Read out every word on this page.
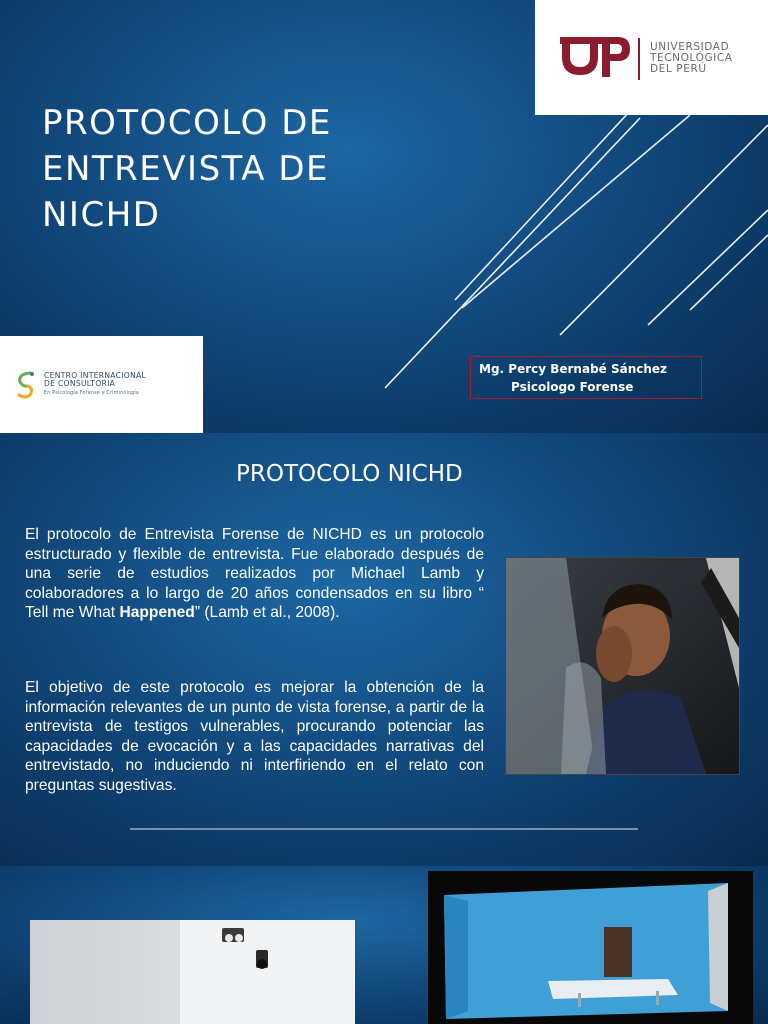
PROTOCOLO DE
ENTREVISTA DE
NICHD
UNIVERSIDAD
TECNOLÓGICA
DEL PERÚ
CENTRO INTERNACIONAL
DE CONSULTORIA
En Psicología Forense y Criminología
Mg. Percy Bernabé Sánchez
Psicologo Forense
PROTOCOLO NICHD

El protocolo de Entrevista Forense de NICHD es un protocolo estructurado y flexible de entrevista. Fue elaborado después de una serie de estudios realizados por Michael Lamb y colaboradores a lo largo de 20 años condensados en su libro “ Tell me What Happened” (Lamb et al., 2008).

El objetivo de este protocolo es mejorar la obtención de la información relevantes de un punto de vista forense, a partir de la entrevista de testigos vulnerables, procurando potenciar las capacidades de evocación y a las capacidades narrativas del entrevistado, no induciendo ni interfiriendo en el relato con preguntas sugestivas.
